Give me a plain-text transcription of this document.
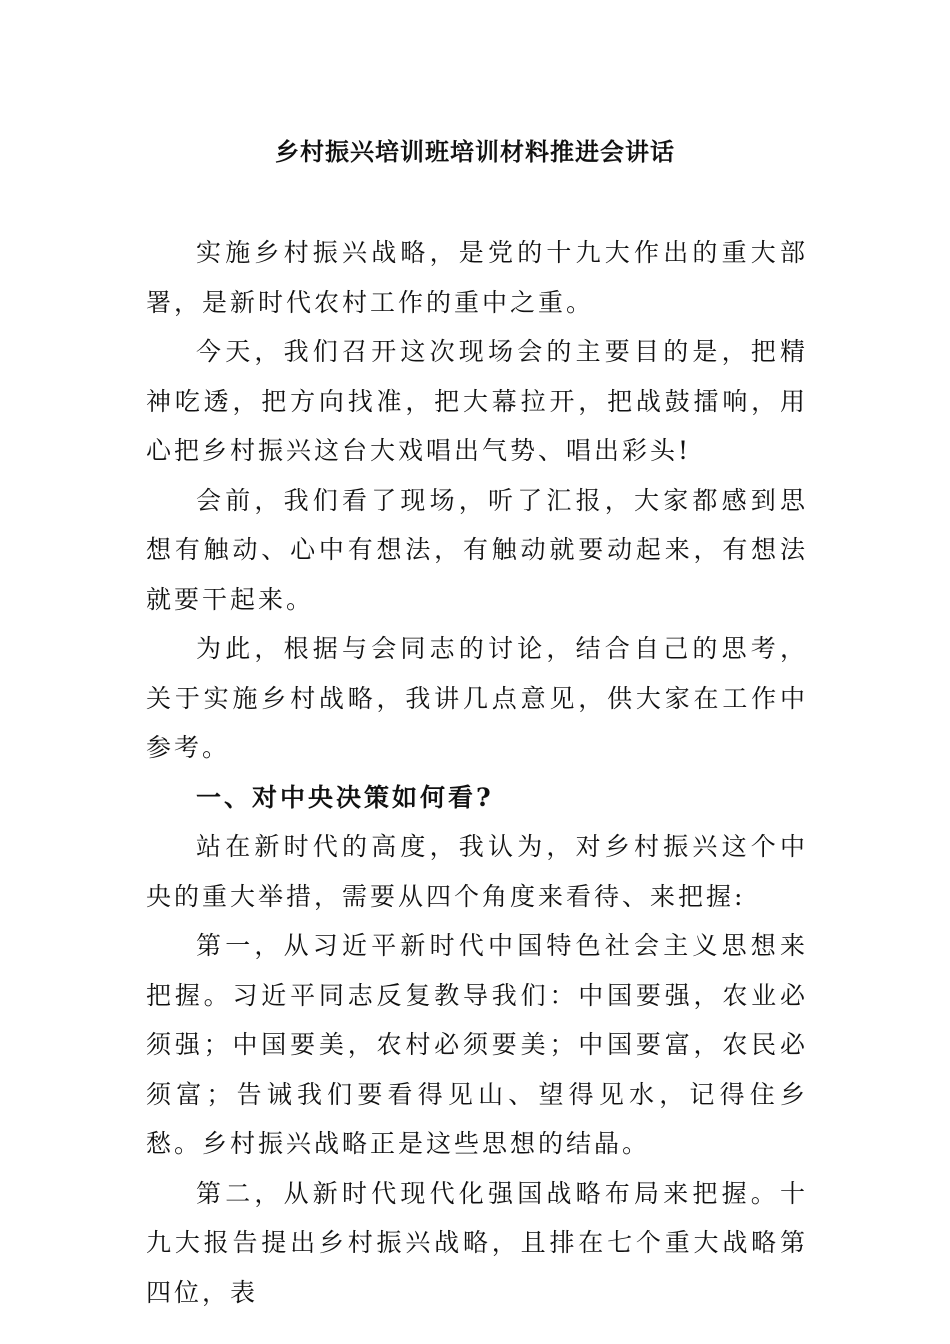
乡村振兴培训班培训材料推进会讲话

实施乡村振兴战略，是党的十九大作出的重大部署，是新时代农村工作的重中之重。

今天，我们召开这次现场会的主要目的是，把精神吃透，把方向找准，把大幕拉开，把战鼓擂响，用心把乡村振兴这台大戏唱出气势、唱出彩头!

会前，我们看了现场，听了汇报，大家都感到思想有触动、心中有想法，有触动就要动起来，有想法就要干起来。

为此，根据与会同志的讨论，结合自己的思考，关于实施乡村战略，我讲几点意见，供大家在工作中参考。

一、对中央决策如何看?

站在新时代的高度，我认为，对乡村振兴这个中央的重大举措，需要从四个角度来看待、来把握:

第一，从习近平新时代中国特色社会主义思想来把握。习近平同志反复教导我们：中国要强，农业必须强；中国要美，农村必须要美；中国要富，农民必须富；告诫我们要看得见山、望得见水，记得住乡愁。乡村振兴战略正是这些思想的结晶。

第二，从新时代现代化强国战略布局来把握。十九大报告提出乡村振兴战略，且排在七个重大战略第四位，表
